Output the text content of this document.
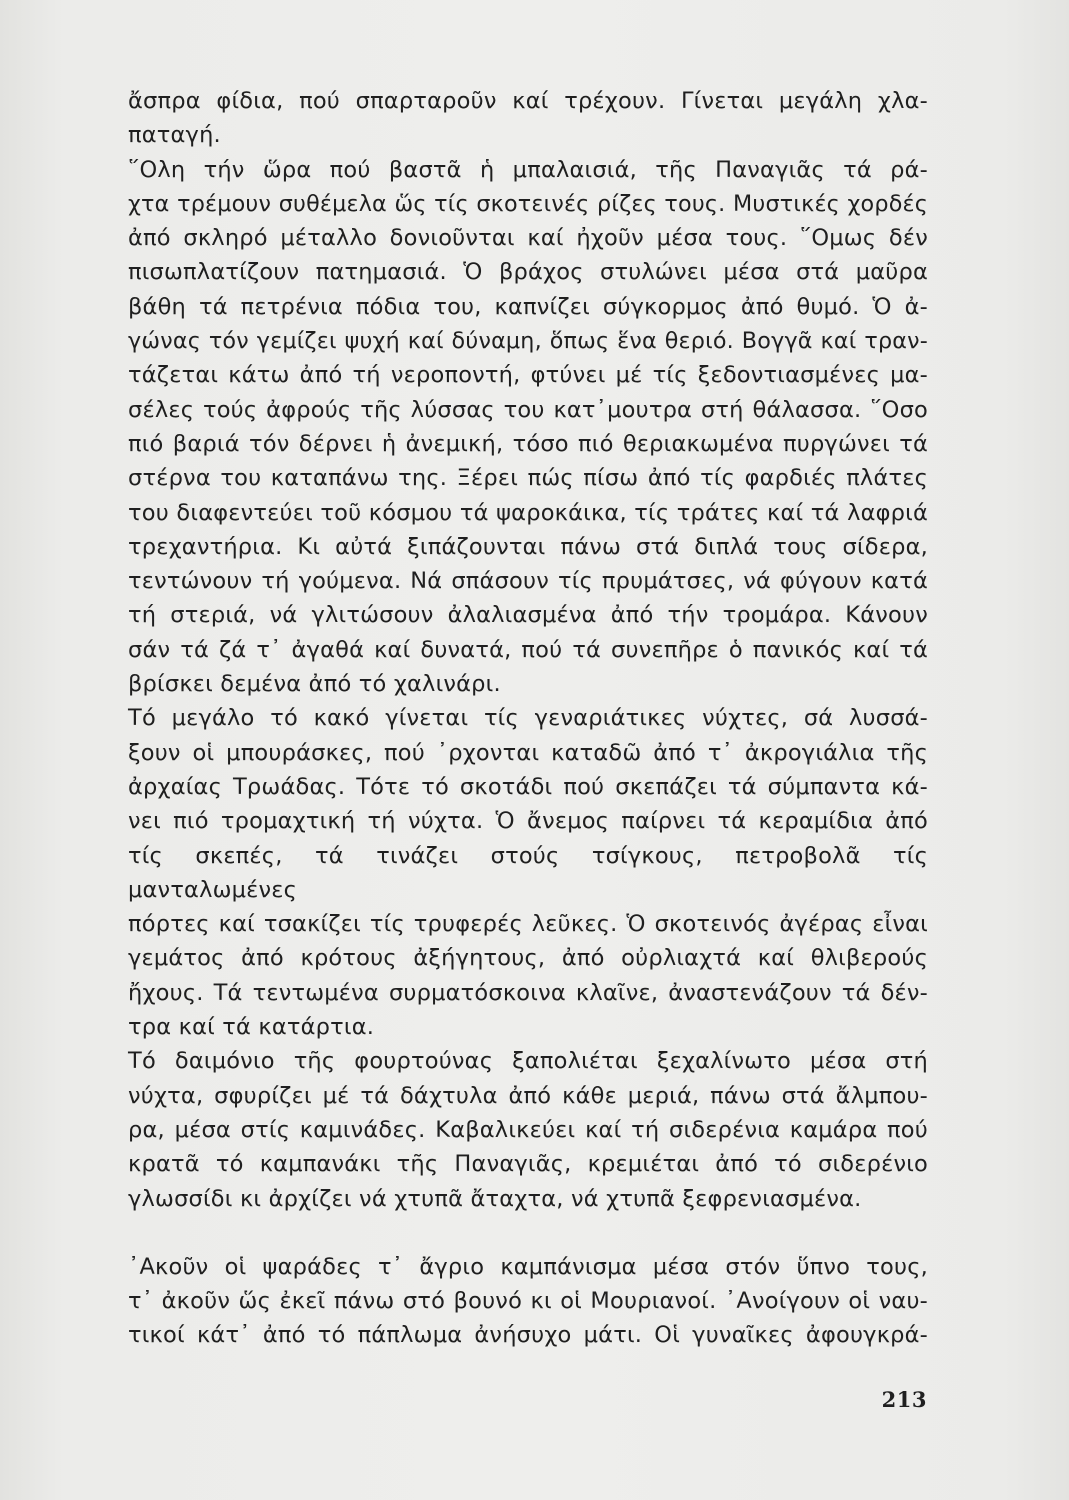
ἄσπρα φίδια, πού σπαρταροῦν καί τρέχουν. Γίνεται μεγάλη χλα-
παταγή.
῞Ολη τήν ὥρα πού βαστᾶ ἡ μπαλαισιά, τῆς Παναγιᾶς τά ρά-
χτα τρέμουν συθέμελα ὥς τίς σκοτεινές ρίζες τους. Μυστικές χορδές
ἀπό σκληρό μέταλλο δονιοῦνται καί ἠχοῦν μέσα τους. ῞Ομως δέν
πισωπλατίζουν πατημασιά. Ὁ βράχος στυλώνει μέσα στά μαῦρα
βάθη τά πετρένια πόδια του, καπνίζει σύγκορμος ἀπό θυμό. Ὁ ἀ-
γώνας τόν γεμίζει ψυχή καί δύναμη, ὅπως ἕνα θεριό. Βογγᾶ καί τραν-
τάζεται κάτω ἀπό τή νεροποντή, φτύνει μέ τίς ξεδοντιασμένες μα-
σέλες τούς ἀφρούς τῆς λύσσας του κατ᾿μουτρα στή θάλασσα. ῞Οσο
πιό βαριά τόν δέρνει ἡ ἀνεμική, τόσο πιό θεριακωμένα πυργώνει τά
στέρνα του καταπάνω της. Ξέρει πώς πίσω ἀπό τίς φαρδιές πλάτες
του διαφεντεύει τοῦ κόσμου τά ψαροκάικα, τίς τράτες καί τά λαφριά
τρεχαντήρια. Κι αὐτά ξιπάζουνται πάνω στά διπλά τους σίδερα,
τεντώνουν τή γούμενα. Νά σπάσουν τίς πρυμάτσες, νά φύγουν κατά
τή στεριά, νά γλιτώσουν ἀλαλιασμένα ἀπό τήν τρομάρα. Κάνουν
σάν τά ζά τ᾿ ἀγαθά καί δυνατά, πού τά συνεπῆρε ὁ πανικός καί τά
βρίσκει δεμένα ἀπό τό χαλινάρι.
Τό μεγάλο τό κακό γίνεται τίς γεναριάτικες νύχτες, σά λυσσά-
ξουν οἱ μπουράσκες, πού ᾿ρχονται καταδῶ ἀπό τ᾿ ἀκρογιάλια τῆς
ἀρχαίας Τρωάδας. Τότε τό σκοτάδι πού σκεπάζει τά σύμπαντα κά-
νει πιό τρομαχτική τή νύχτα. Ὁ ἄνεμος παίρνει τά κεραμίδια ἀπό
τίς σκεπές, τά τινάζει στούς τσίγκους, πετροβολᾶ τίς μανταλωμένες
πόρτες καί τσακίζει τίς τρυφερές λεῦκες. Ὁ σκοτεινός ἀγέρας εἶναι
γεμάτος ἀπό κρότους ἀξήγητους, ἀπό οὐρλιαχτά καί θλιβερούς
ἤχους. Τά τεντωμένα συρματόσκοινα κλαῖνε, ἀναστενάζουν τά δέν-
τρα καί τά κατάρτια.
Τό δαιμόνιο τῆς φουρτούνας ξαπολιέται ξεχαλίνωτο μέσα στή
νύχτα, σφυρίζει μέ τά δάχτυλα ἀπό κάθε μεριά, πάνω στά ἄλμπου-
ρα, μέσα στίς καμινάδες. Καβαλικεύει καί τή σιδερένια καμάρα πού
κρατᾶ τό καμπανάκι τῆς Παναγιᾶς, κρεμιέται ἀπό τό σιδερένιο
γλωσσίδι κι ἀρχίζει νά χτυπᾶ ἄταχτα, νά χτυπᾶ ξεφρενιασμένα.
᾿Ακοῦν οἱ ψαράδες τ᾿ ἄγριο καμπάνισμα μέσα στόν ὕπνο τους,
τ᾿ ἀκοῦν ὥς ἐκεῖ πάνω στό βουνό κι οἱ Μουριανοί. ᾿Ανοίγουν οἱ ναυ-
τικοί κάτ᾿ ἀπό τό πάπλωμα ἀνήσυχο μάτι. Οἱ γυναῖκες ἀφουγκρά-
213
